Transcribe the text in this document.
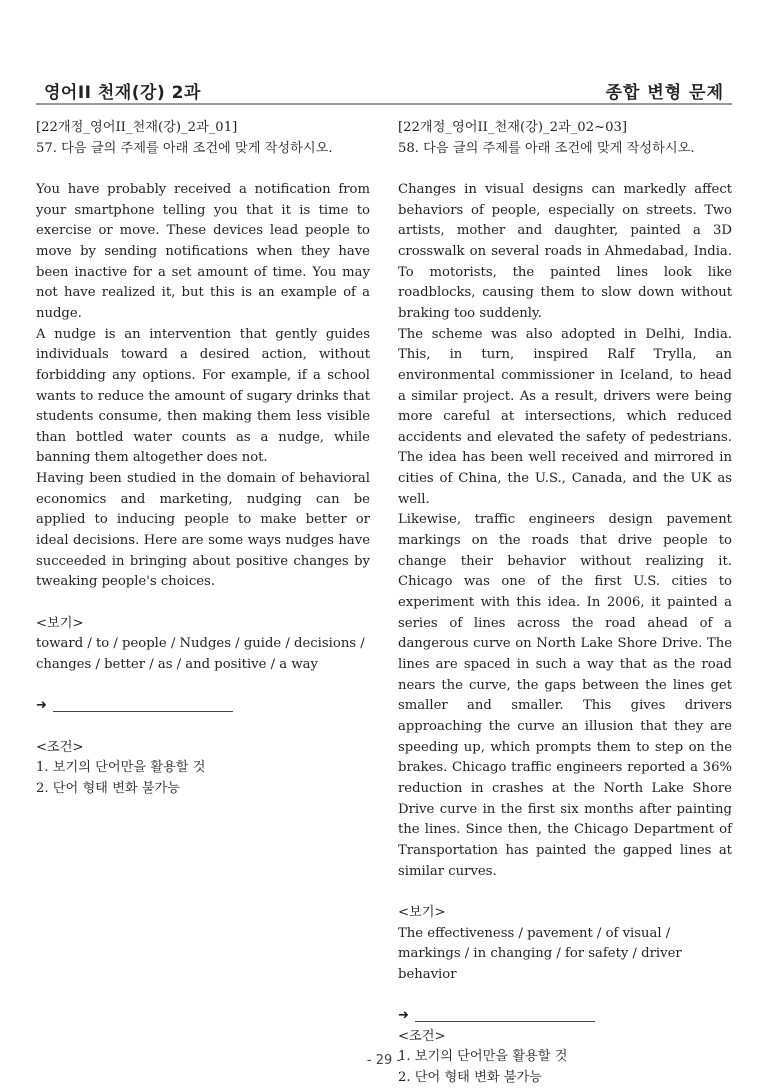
영어II 천재(강) 2과	종합 변형 문제
[22개정_영어II_천재(강)_2과_01]
57. 다음 글의 주제를 아래 조건에 맞게 작성하시오.
You have probably received a notification from your smartphone telling you that it is time to exercise or move. These devices lead people to move by sending notifications when they have been inactive for a set amount of time. You may not have realized it, but this is an example of a nudge.
A nudge is an intervention that gently guides individuals toward a desired action, without forbidding any options. For example, if a school wants to reduce the amount of sugary drinks that students consume, then making them less visible than bottled water counts as a nudge, while banning them altogether does not.
Having been studied in the domain of behavioral economics and marketing, nudging can be applied to inducing people to make better or ideal decisions. Here are some ways nudges have succeeded in bringing about positive changes by tweaking people's choices.
<보기>
toward / to / people / Nudges / guide / decisions / changes / better / as / and positive / a way
➜
<조건>
1. 보기의 단어만을 활용할 것
2. 단어 형태 변화 불가능
[22개정_영어II_천재(강)_2과_02~03]
58. 다음 글의 주제를 아래 조건에 맞게 작성하시오.
Changes in visual designs can markedly affect behaviors of people, especially on streets. Two artists, mother and daughter, painted a 3D crosswalk on several roads in Ahmedabad, India. To motorists, the painted lines look like roadblocks, causing them to slow down without braking too suddenly.
The scheme was also adopted in Delhi, India. This, in turn, inspired Ralf Trylla, an environmental commissioner in Iceland, to head a similar project. As a result, drivers were being more careful at intersections, which reduced accidents and elevated the safety of pedestrians. The idea has been well received and mirrored in cities of China, the U.S., Canada, and the UK as well.
Likewise, traffic engineers design pavement markings on the roads that drive people to change their behavior without realizing it. Chicago was one of the first U.S. cities to experiment with this idea. In 2006, it painted a series of lines across the road ahead of a dangerous curve on North Lake Shore Drive. The lines are spaced in such a way that as the road nears the curve, the gaps between the lines get smaller and smaller. This gives drivers approaching the curve an illusion that they are speeding up, which prompts them to step on the brakes. Chicago traffic engineers reported a 36% reduction in crashes at the North Lake Shore Drive curve in the first six months after painting the lines. Since then, the Chicago Department of Transportation has painted the gapped lines at similar curves.
<보기>
The effectiveness / pavement / of visual / markings / in changing / for safety / driver behavior
➜
<조건>
1. 보기의 단어만을 활용할 것
2. 단어 형태 변화 불가능
- 29 -
